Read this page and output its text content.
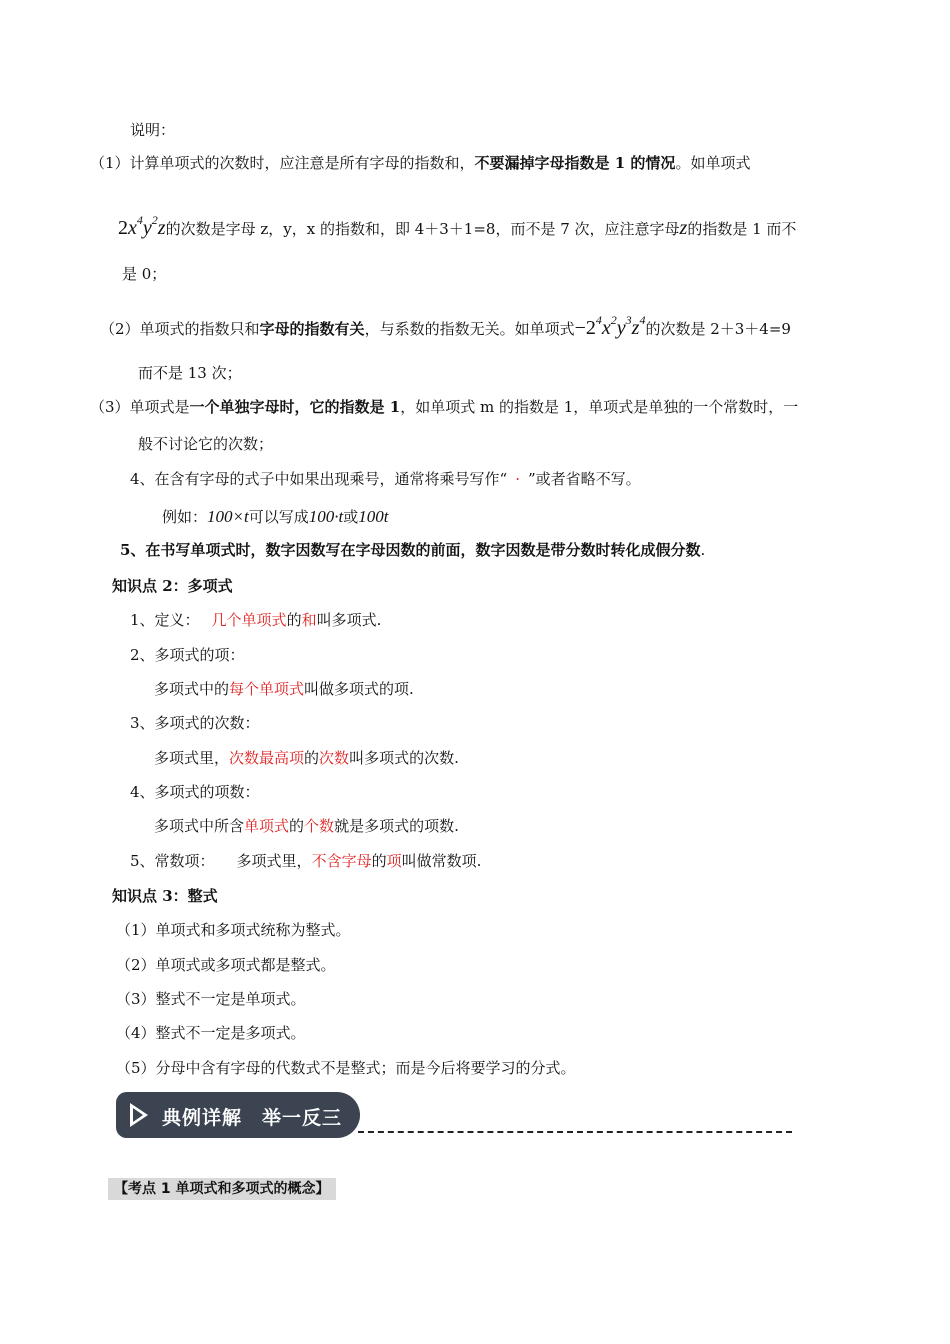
说明：
（1）计算单项式的次数时，应注意是所有字母的指数和，不要漏掉字母指数是 1 的情况。如单项式
$2x^4y^2z$的次数是字母 z，y，x 的指数和，即 4＋3＋1=8，而不是 7 次，应注意字母z的指数是 1 而不
是 0；
（2）单项式的指数只和字母的指数有关，与系数的指数无关。如单项式$-2^4x^2y^3z^4$的次数是 2＋3＋4=9
而不是 13 次；
（3）单项式是一个单独字母时，它的指数是 1，如单项式 m 的指数是 1，单项式是单独的一个常数时，一
般不讨论它的次数；
4、在含有字母的式子中如果出现乘号，通常将乘号写作“ · ”或者省略不写。
例如：100×t可以写成100·t或100t
5、在书写单项式时，数字因数写在字母因数的前面，数字因数是带分数时转化成假分数.
知识点 2：多项式
1、定义： 几个单项式的和叫多项式.
2、多项式的项：
多项式中的每个单项式叫做多项式的项.
3、多项式的次数：
多项式里，次数最高项的次数叫多项式的次数.
4、多项式的项数：
多项式中所含单项式的个数就是多项式的项数.
5、常数项： 多项式里，不含字母的项叫做常数项.
知识点 3：整式
（1）单项式和多项式统称为整式。
（2）单项式或多项式都是整式。
（3）整式不一定是单项式。
（4）整式不一定是多项式。
（5）分母中含有字母的代数式不是整式；而是今后将要学习的分式。
典例详解　举一反三
【考点 1 单项式和多项式的概念】
